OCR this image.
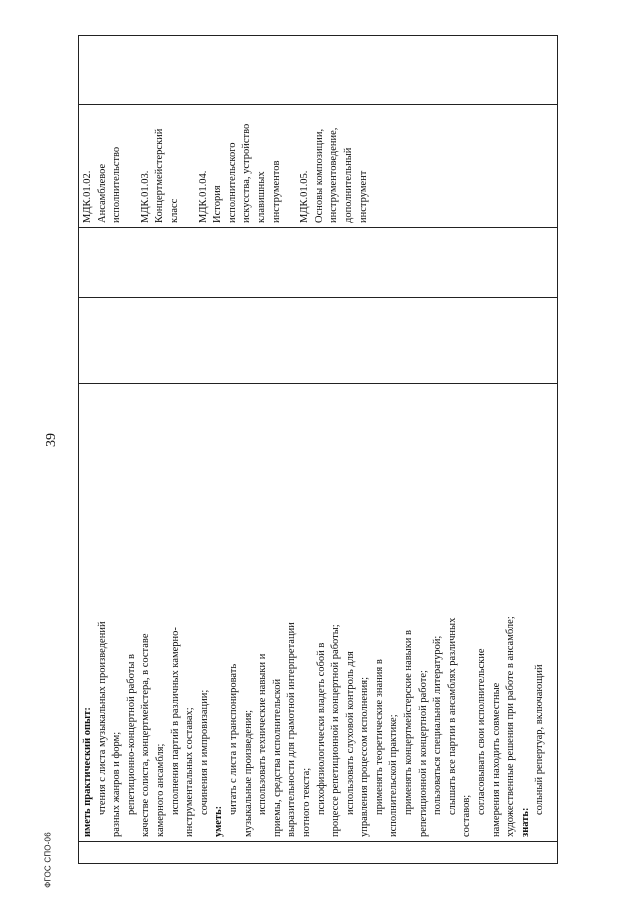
39

иметь практический опыт: чтения с листа музыкальных произведений разных жанров и форм; репетиционно-концертной работы в качестве солиста, концертмейстера, в составе камерного ансамбля; исполнения партий в различных камерно- инструментальных составах; сочинения и импровизации;
уметь:
читать с листа и транспонировать музыкальные произведения; использовать технические навыки и приемы, средства исполнительской выразительности для грамотной интерпретации нотного текста; психофизиологически владеть собой в процессе репетиционной и концертной работы; использовать слуховой контроль для управления процессом исполнения; применять теоретические знания в исполнительской практике; применять концертмейстерские навыки в репетиционной и концертной работе; пользоваться специальной литературой; слышать все партии в ансамблях различных
составов;
согласовывать свои исполнительские намерения и находить совместные художественные решения при работе в ансамбле; знать:
сольный репертуар, включающий

МДК.01.02. Ансамблевое исполнительство МДК.01.03. Концертмейстерский класс МДК.01.04. История исполнительского искусства, устройство клавишных инструментов МДК.01.05. Основы композиции, инструментоведение, дополнительный инструмент

ФГОС СПО-06
